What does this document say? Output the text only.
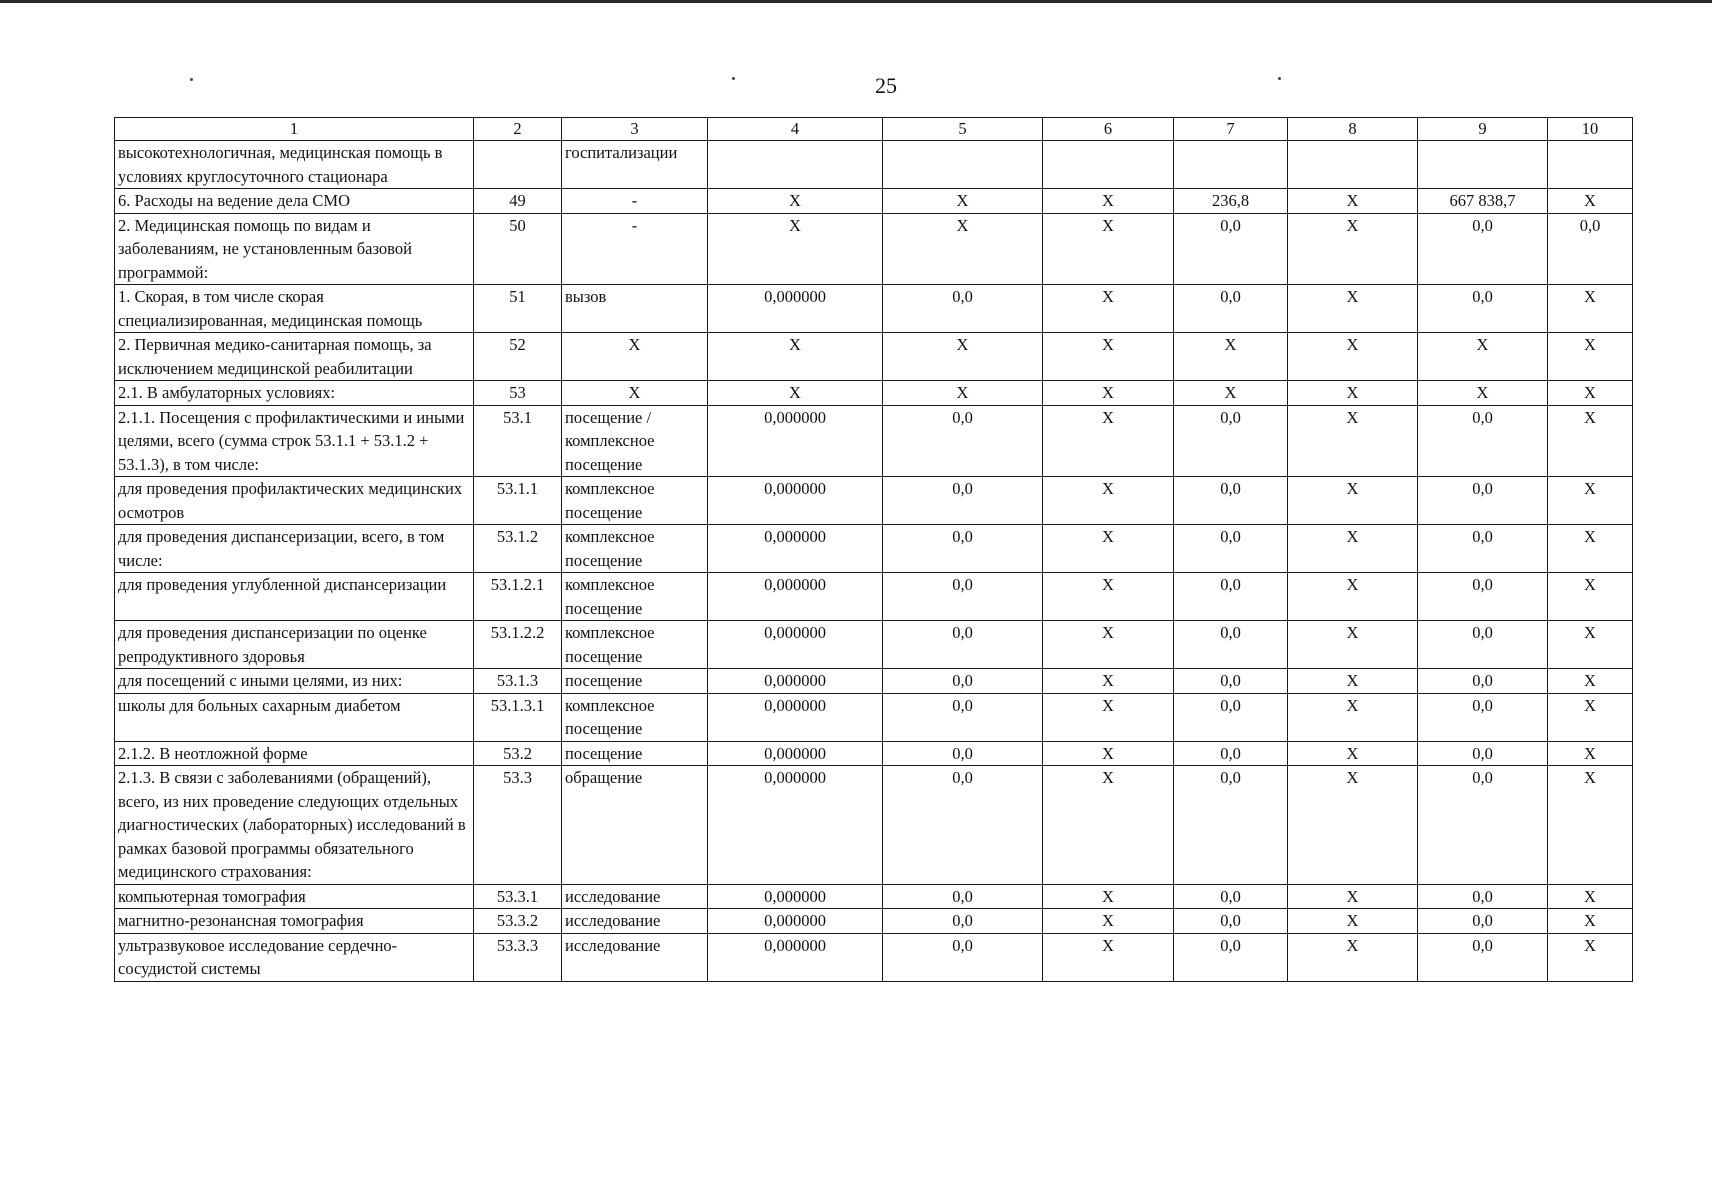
25
1	2	3	4	5	6	7	8	9	10
высокотехнологичная, медицинская помощь в условиях круглосуточного стационара		госпитализации							
6. Расходы на ведение дела СМО	49	-	Х	Х	Х	236,8	Х	667 838,7	Х
2. Медицинская помощь по видам и заболеваниям, не установленным базовой программой:	50	-	Х	Х	Х	0,0	Х	0,0	0,0
1. Скорая, в том числе скорая специализированная, медицинская помощь	51	вызов	0,000000	0,0	Х	0,0	Х	0,0	Х
2. Первичная медико-санитарная помощь, за исключением медицинской реабилитации	52	Х	Х	Х	Х	Х	Х	Х	Х
2.1. В амбулаторных условиях:	53	Х	Х	Х	Х	Х	Х	Х	Х
2.1.1. Посещения с профилактическими и иными целями, всего (сумма строк 53.1.1 + 53.1.2 + 53.1.3), в том числе:	53.1	посещение / комплексное посещение	0,000000	0,0	Х	0,0	Х	0,0	Х
для проведения профилактических медицинских осмотров	53.1.1	комплексное посещение	0,000000	0,0	Х	0,0	Х	0,0	Х
для проведения диспансеризации, всего, в том числе:	53.1.2	комплексное посещение	0,000000	0,0	Х	0,0	Х	0,0	Х
для проведения углубленной диспансеризации	53.1.2.1	комплексное посещение	0,000000	0,0	Х	0,0	Х	0,0	Х
для проведения диспансеризации по оценке репродуктивного здоровья	53.1.2.2	комплексное посещение	0,000000	0,0	Х	0,0	Х	0,0	Х
для посещений с иными целями, из них:	53.1.3	посещение	0,000000	0,0	Х	0,0	Х	0,0	Х
школы для больных сахарным диабетом	53.1.3.1	комплексное посещение	0,000000	0,0	Х	0,0	Х	0,0	Х
2.1.2. В неотложной форме	53.2	посещение	0,000000	0,0	Х	0,0	Х	0,0	Х
2.1.3. В связи с заболеваниями (обращений), всего, из них проведение следующих отдельных диагностических (лабораторных) исследований в рамках базовой программы обязательного медицинского страхования:	53.3	обращение	0,000000	0,0	Х	0,0	Х	0,0	Х
компьютерная томография	53.3.1	исследование	0,000000	0,0	Х	0,0	Х	0,0	Х
магнитно-резонансная томография	53.3.2	исследование	0,000000	0,0	Х	0,0	Х	0,0	Х
ультразвуковое исследование сердечно-сосудистой системы	53.3.3	исследование	0,000000	0,0	Х	0,0	Х	0,0	Х
